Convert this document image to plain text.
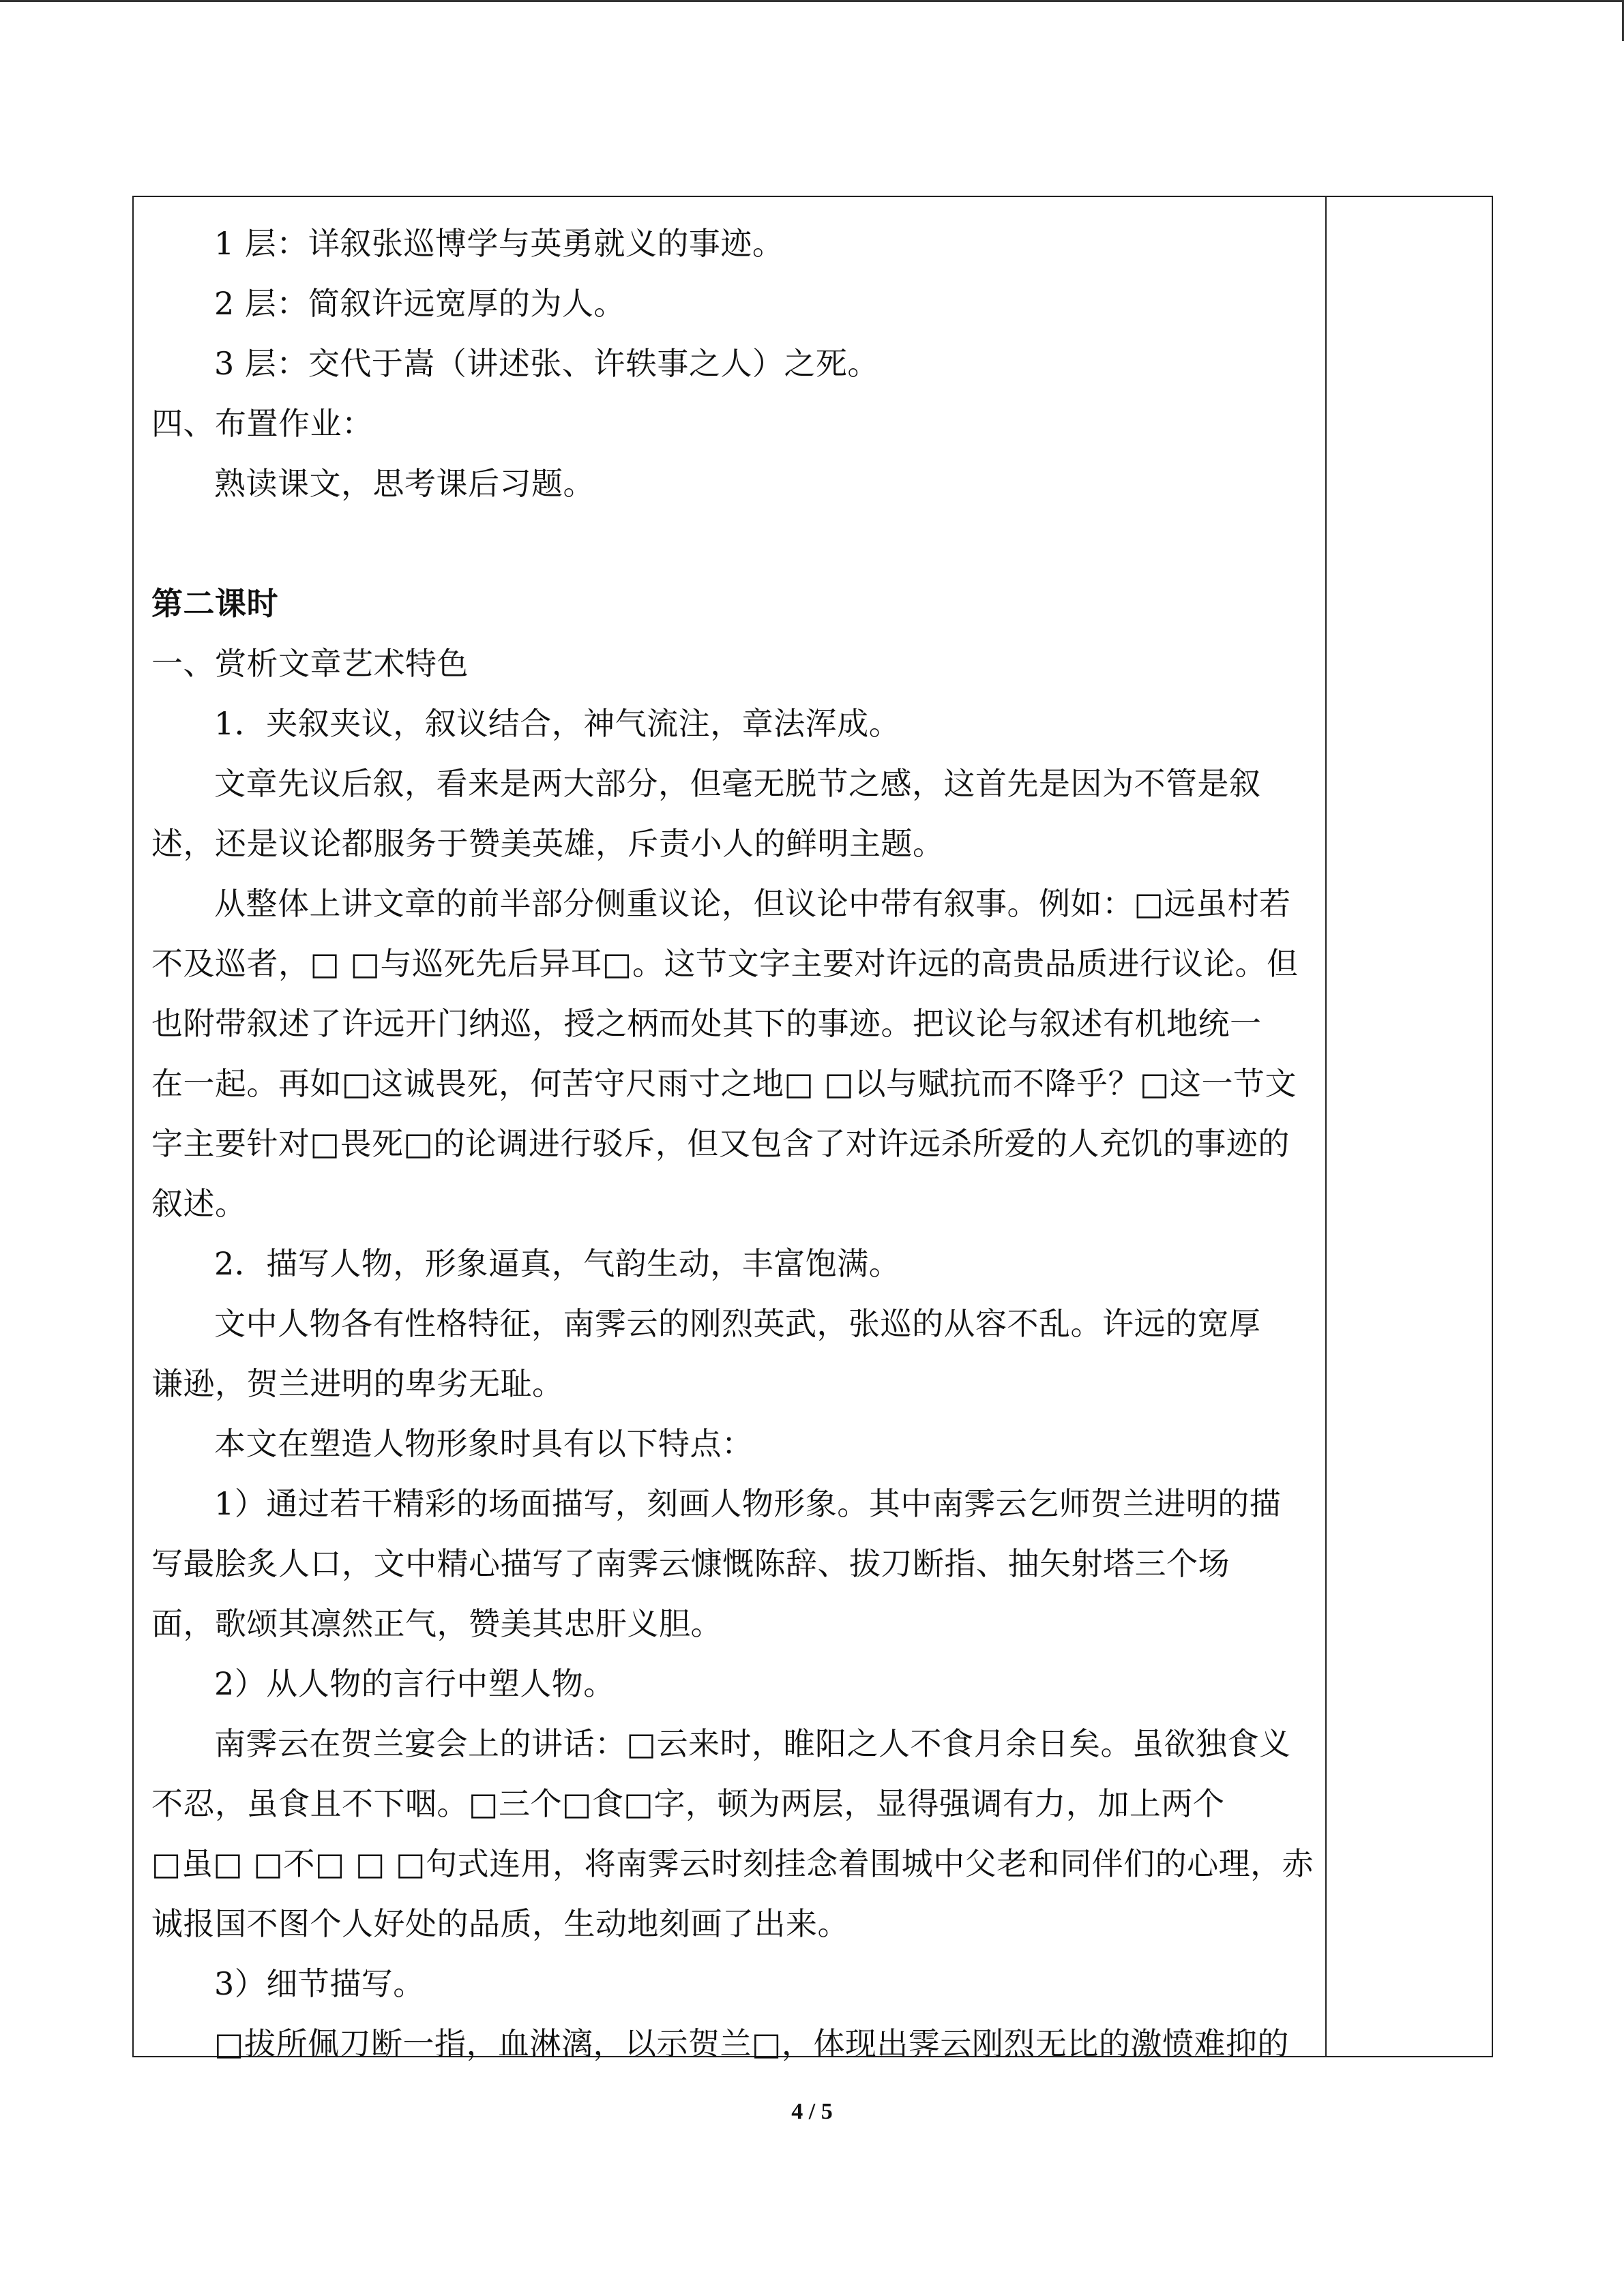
1 层：详叙张巡博学与英勇就义的事迹。
2 层：简叙许远宽厚的为人。
3 层：交代于嵩（讲述张、许轶事之人）之死。
四、布置作业：
熟读课文，思考课后习题。
第二课时
一、赏析文章艺术特色
1．夹叙夹议，叙议结合，神气流注，章法浑成。
文章先议后叙，看来是两大部分，但毫无脱节之感，这首先是因为不管是叙
述，还是议论都服务于赞美英雄，斥责小人的鲜明主题。
从整体上讲文章的前半部分侧重议论，但议论中带有叙事。例如：□远虽村若
不及巡者，□ □与巡死先后异耳□。这节文字主要对许远的高贵品质进行议论。但
也附带叙述了许远开门纳巡，授之柄而处其下的事迹。把议论与叙述有机地统一
在一起。再如□这诚畏死，何苦守尺雨寸之地□ □以与赋抗而不降乎？□这一节文
字主要针对□畏死□的论调进行驳斥，但又包含了对许远杀所爱的人充饥的事迹的
叙述。
2．描写人物，形象逼真，气韵生动，丰富饱满。
文中人物各有性格特征，南霁云的刚烈英武，张巡的从容不乱。许远的宽厚
谦逊，贺兰进明的卑劣无耻。
本文在塑造人物形象时具有以下特点：
1）通过若干精彩的场面描写，刻画人物形象。其中南霁云乞师贺兰进明的描
写最脍炙人口，文中精心描写了南霁云慷慨陈辞、拔刀断指、抽矢射塔三个场
面，歌颂其凛然正气，赞美其忠肝义胆。
2）从人物的言行中塑人物。
南霁云在贺兰宴会上的讲话：□云来时，睢阳之人不食月余日矣。虽欲独食义
不忍，虽食且不下咽。□三个□食□字，顿为两层，显得强调有力，加上两个
□虽□ □不□ □ □句式连用，将南霁云时刻挂念着围城中父老和同伴们的心理，赤
诚报国不图个人好处的品质，生动地刻画了出来。
3）细节描写。
□拔所佩刀断一指，血淋漓，以示贺兰□，体现出霁云刚烈无比的激愤难抑的
4 / 5
